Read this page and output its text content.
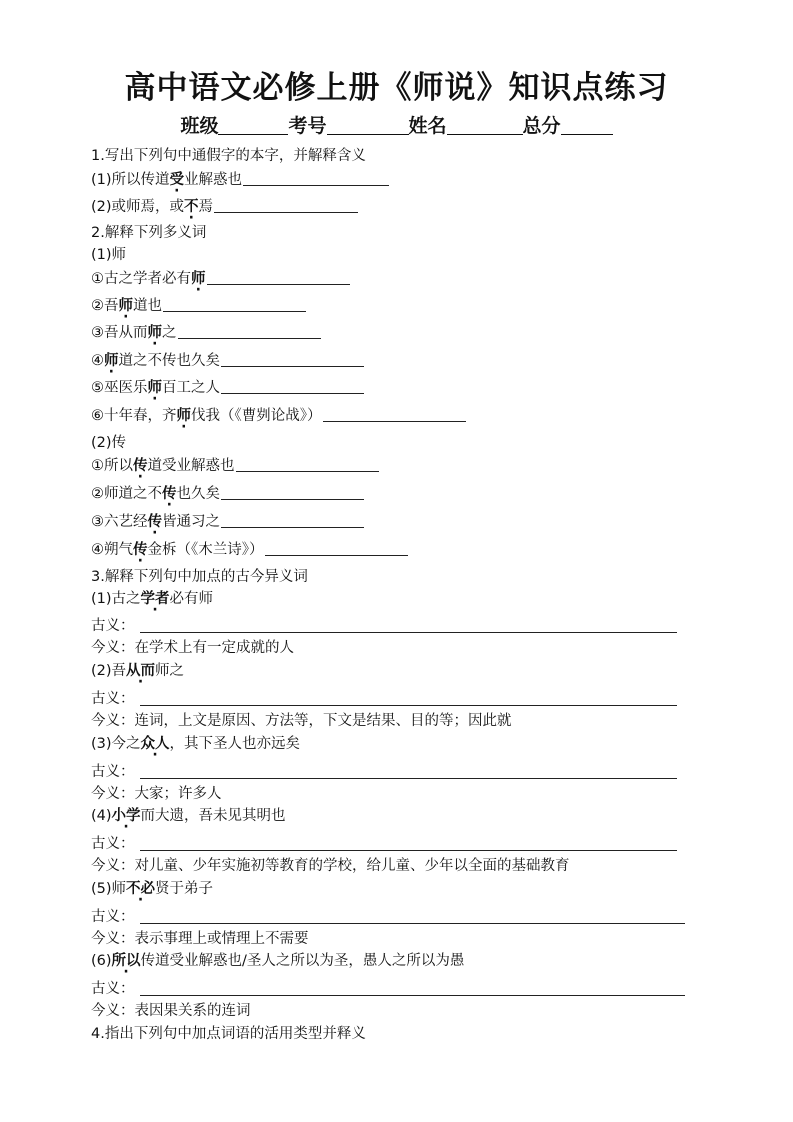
高中语文必修上册《师说》知识点练习
班级	考号	姓名	总分
1.写出下列句中通假字的本字，并解释含义
(1)所以传道受业解惑也
(2)或师焉，或不焉
2.解释下列多义词
(1)师
①古之学者必有师
②吾师道也
③吾从而师之
④师道之不传也久矣
⑤巫医乐师百工之人
⑥十年春，齐师伐我（《曹刿论战》）
(2)传
①所以传道受业解惑也
②师道之不传也久矣
③六艺经传皆通习之
④朔气传金柝（《木兰诗》）
3.解释下列句中加点的古今异义词
(1)古之学者必有师
古义：
今义：在学术上有一定成就的人
(2)吾从而师之
古义：
今义：连词，上文是原因、方法等，下文是结果、目的等；因此就
(3)今之众人，其下圣人也亦远矣
古义：
今义：大家；许多人
(4)小学而大遗，吾未见其明也
古义：
今义：对儿童、少年实施初等教育的学校，给儿童、少年以全面的基础教育
(5)师不必贤于弟子
古义：
今义：表示事理上或情理上不需要
(6)所以传道受业解惑也/圣人之所以为圣，愚人之所以为愚
古义：
今义：表因果关系的连词
4.指出下列句中加点词语的活用类型并释义
